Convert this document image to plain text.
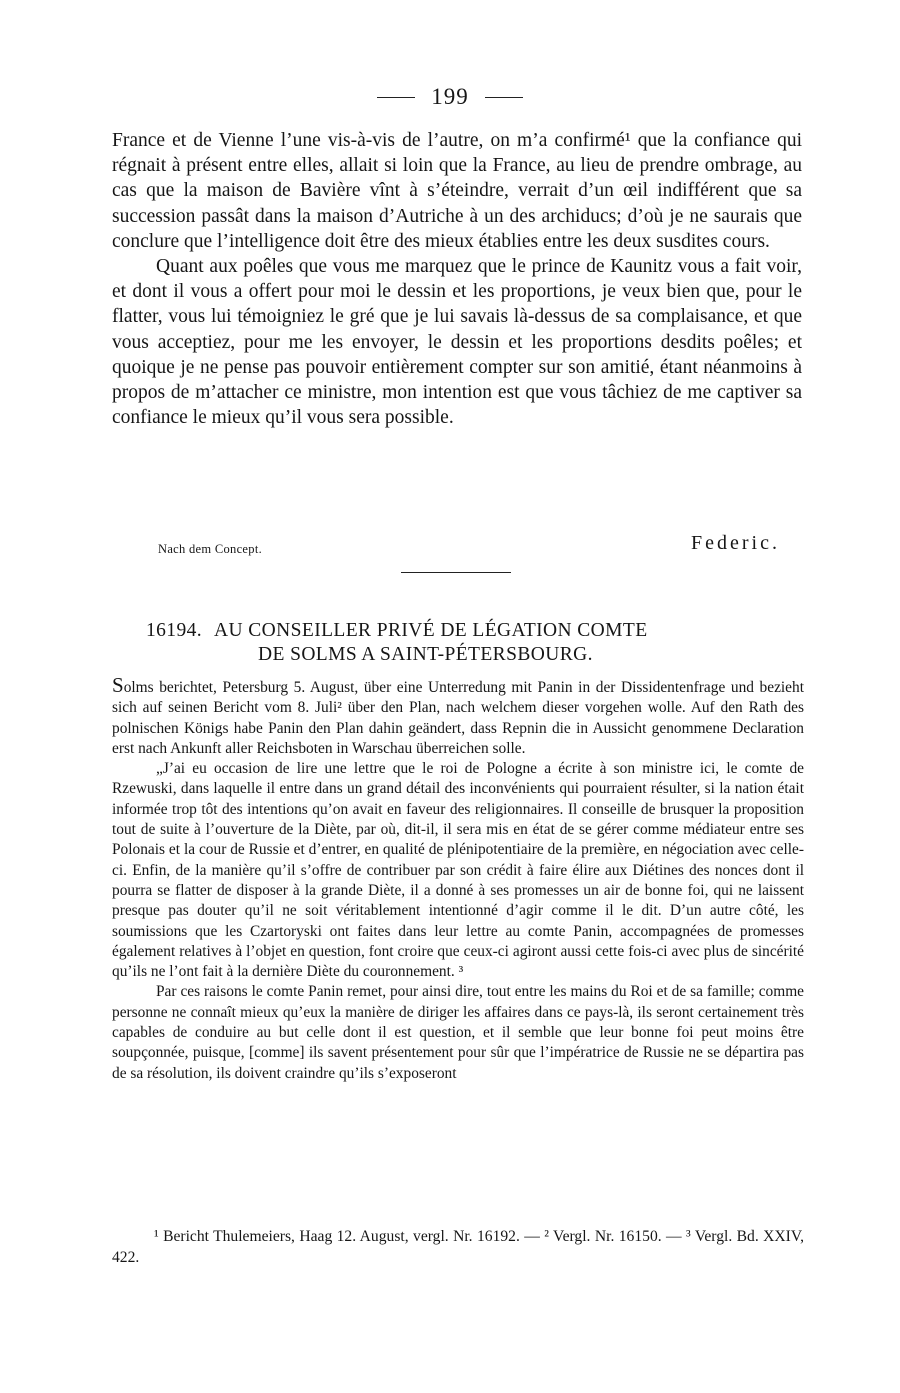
199

France et de Vienne l’une vis-à-vis de l’autre, on m’a confirmé¹ que la confiance qui régnait à présent entre elles, allait si loin que la France, au lieu de prendre ombrage, au cas que la maison de Bavière vînt à s’éteindre, verrait d’un œil indifférent que sa succession passât dans la maison d’Autriche à un des archiducs; d’où je ne saurais que conclure que l’intelligence doit être des mieux établies entre les deux susdites cours.

Quant aux poêles que vous me marquez que le prince de Kaunitz vous a fait voir, et dont il vous a offert pour moi le dessin et les proportions, je veux bien que, pour le flatter, vous lui témoigniez le gré que je lui savais là-dessus de sa complaisance, et que vous acceptiez, pour me les envoyer, le dessin et les proportions desdits poêles; et quoique je ne pense pas pouvoir entièrement compter sur son amitié, étant néanmoins à propos de m’attacher ce ministre, mon intention est que vous tâchiez de me captiver sa confiance le mieux qu’il vous sera possible.

Nach dem Concept.	Federic.
16194. AU CONSEILLER PRIVÉ DE LÉGATION COMTE
DE SOLMS A SAINT-PÉTERSBOURG.

Solms berichtet, Petersburg 5. August, über eine Unterredung mit Panin in der Dissidentenfrage und bezieht sich auf seinen Bericht vom 8. Juli² über den Plan, nach welchem dieser vorgehen wolle. Auf den Rath des polnischen Königs habe Panin den Plan dahin geändert, dass Repnin die in Aussicht genommene Declaration erst nach Ankunft aller Reichsboten in Warschau überreichen solle.

„J’ai eu occasion de lire une lettre que le roi de Pologne a écrite à son ministre ici, le comte de Rzewuski, dans laquelle il entre dans un grand détail des inconvénients qui pourraient résulter, si la nation était informée trop tôt des intentions qu’on avait en faveur des religionnaires. Il conseille de brusquer la proposition tout de suite à l’ouverture de la Diète, par où, dit-il, il sera mis en état de se gérer comme médiateur entre ses Polonais et la cour de Russie et d’entrer, en qualité de plénipotentiaire de la première, en négociation avec celle-ci. Enfin, de la manière qu’il s’offre de contribuer par son crédit à faire élire aux Diétines des nonces dont il pourra se flatter de disposer à la grande Diète, il a donné à ses promesses un air de bonne foi, qui ne laissent presque pas douter qu’il ne soit véritablement intentionné d’agir comme il le dit. D’un autre côté, les soumissions que les Czartoryski ont faites dans leur lettre au comte Panin, accompagnées de promesses également relatives à l’objet en question, font croire que ceux-ci agiront aussi cette fois-ci avec plus de sincérité qu’ils ne l’ont fait à la dernière Diète du couronnement. ³

Par ces raisons le comte Panin remet, pour ainsi dire, tout entre les mains du Roi et de sa famille; comme personne ne connaît mieux qu’eux la manière de diriger les affaires dans ce pays-là, ils seront certainement très capables de conduire au but celle dont il est question, et il semble que leur bonne foi peut moins être soupçonnée, puisque, [comme] ils savent présentement pour sûr que l’impératrice de Russie ne se départira pas de sa résolution, ils doivent craindre qu’ils s’exposeront

¹ Bericht Thulemeiers, Haag 12. August, vergl. Nr. 16192. — ² Vergl. Nr. 16150. — ³ Vergl. Bd. XXIV, 422.
